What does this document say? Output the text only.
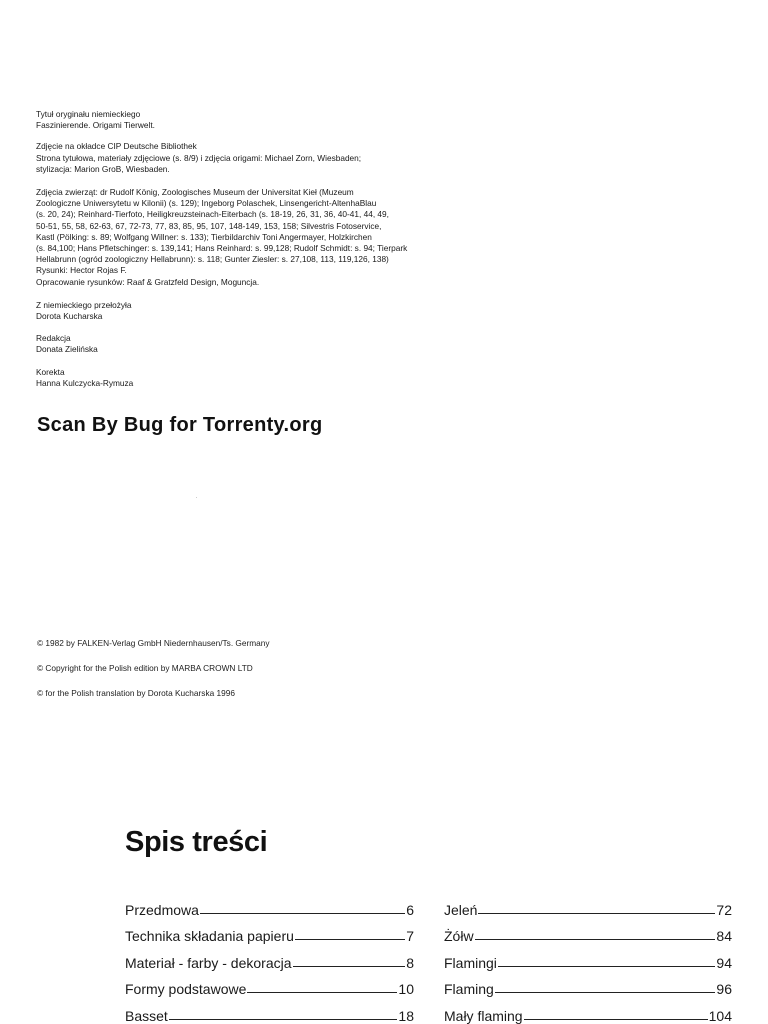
Tytuł oryginału niemieckiego

Faszinierende. Origami Tierwelt.

Zdjęcie na okładce CIP Deutsche Bibliothek

Strona tytułowa, materiały zdjęciowe (s. 8/9) i zdjęcia origami: Michael Zorn, Wiesbaden;

stylizacja: Marion GroB, Wiesbaden.

Zdjęcia zwierząt: dr Rudolf König, Zoologisches Museum der Universitat Kieł (Muzeum

Zoologiczne Uniwersytetu w Kilonii) (s. 129); Ingeborg Polaschek, Linsengericht-AltenhaBlau

(s. 20, 24); Reinhard-Tierfoto, Heiligkreuzsteinach-Eiterbach (s. 18-19, 26, 31, 36, 40-41, 44, 49,

50-51, 55, 58, 62-63, 67, 72-73, 77, 83, 85, 95, 107, 148-149, 153, 158; Silvestris Fotoservice,

Kastl (Pölking: s. 89; Wolfgang Willner: s. 133); Tierbildarchiv Toni Angermayer, Holzkirchen

(s. 84,100; Hans Pfletschinger: s. 139,141; Hans Reinhard: s. 99,128; Rudolf Schmidt: s. 94; Tierpark

Hellabrunn (ogród zoologiczny Hellabrunn): s. 118; Gunter Ziesler: s. 27,108, 113, 119,126, 138)

Rysunki: Hector Rojas F.

Opracowanie rysunków: Raaf & Gratzfeld Design, Moguncja.

Z niemieckiego przełożyła

Dorota Kucharska

Redakcja

Donata Zielińska

Korekta

Hanna Kulczycka-Rymuza

Scan By Bug for Torrenty.org
© 1982 by FALKEN-Verlag GmbH Niedernhausen/Ts. Germany
© Copyright for the Polish edition by MARBA CROWN LTD
© for the Polish translation by Dorota Kucharska 1996
Spis treści
Przedmowa	6
Technika składania papieru	7
Materiał - farby - dekoracja	8
Formy podstawowe	10
Basset	18
Jeleń	72
Żółw	84
Flamingi	94
Flaming	96
Mały flaming	104
